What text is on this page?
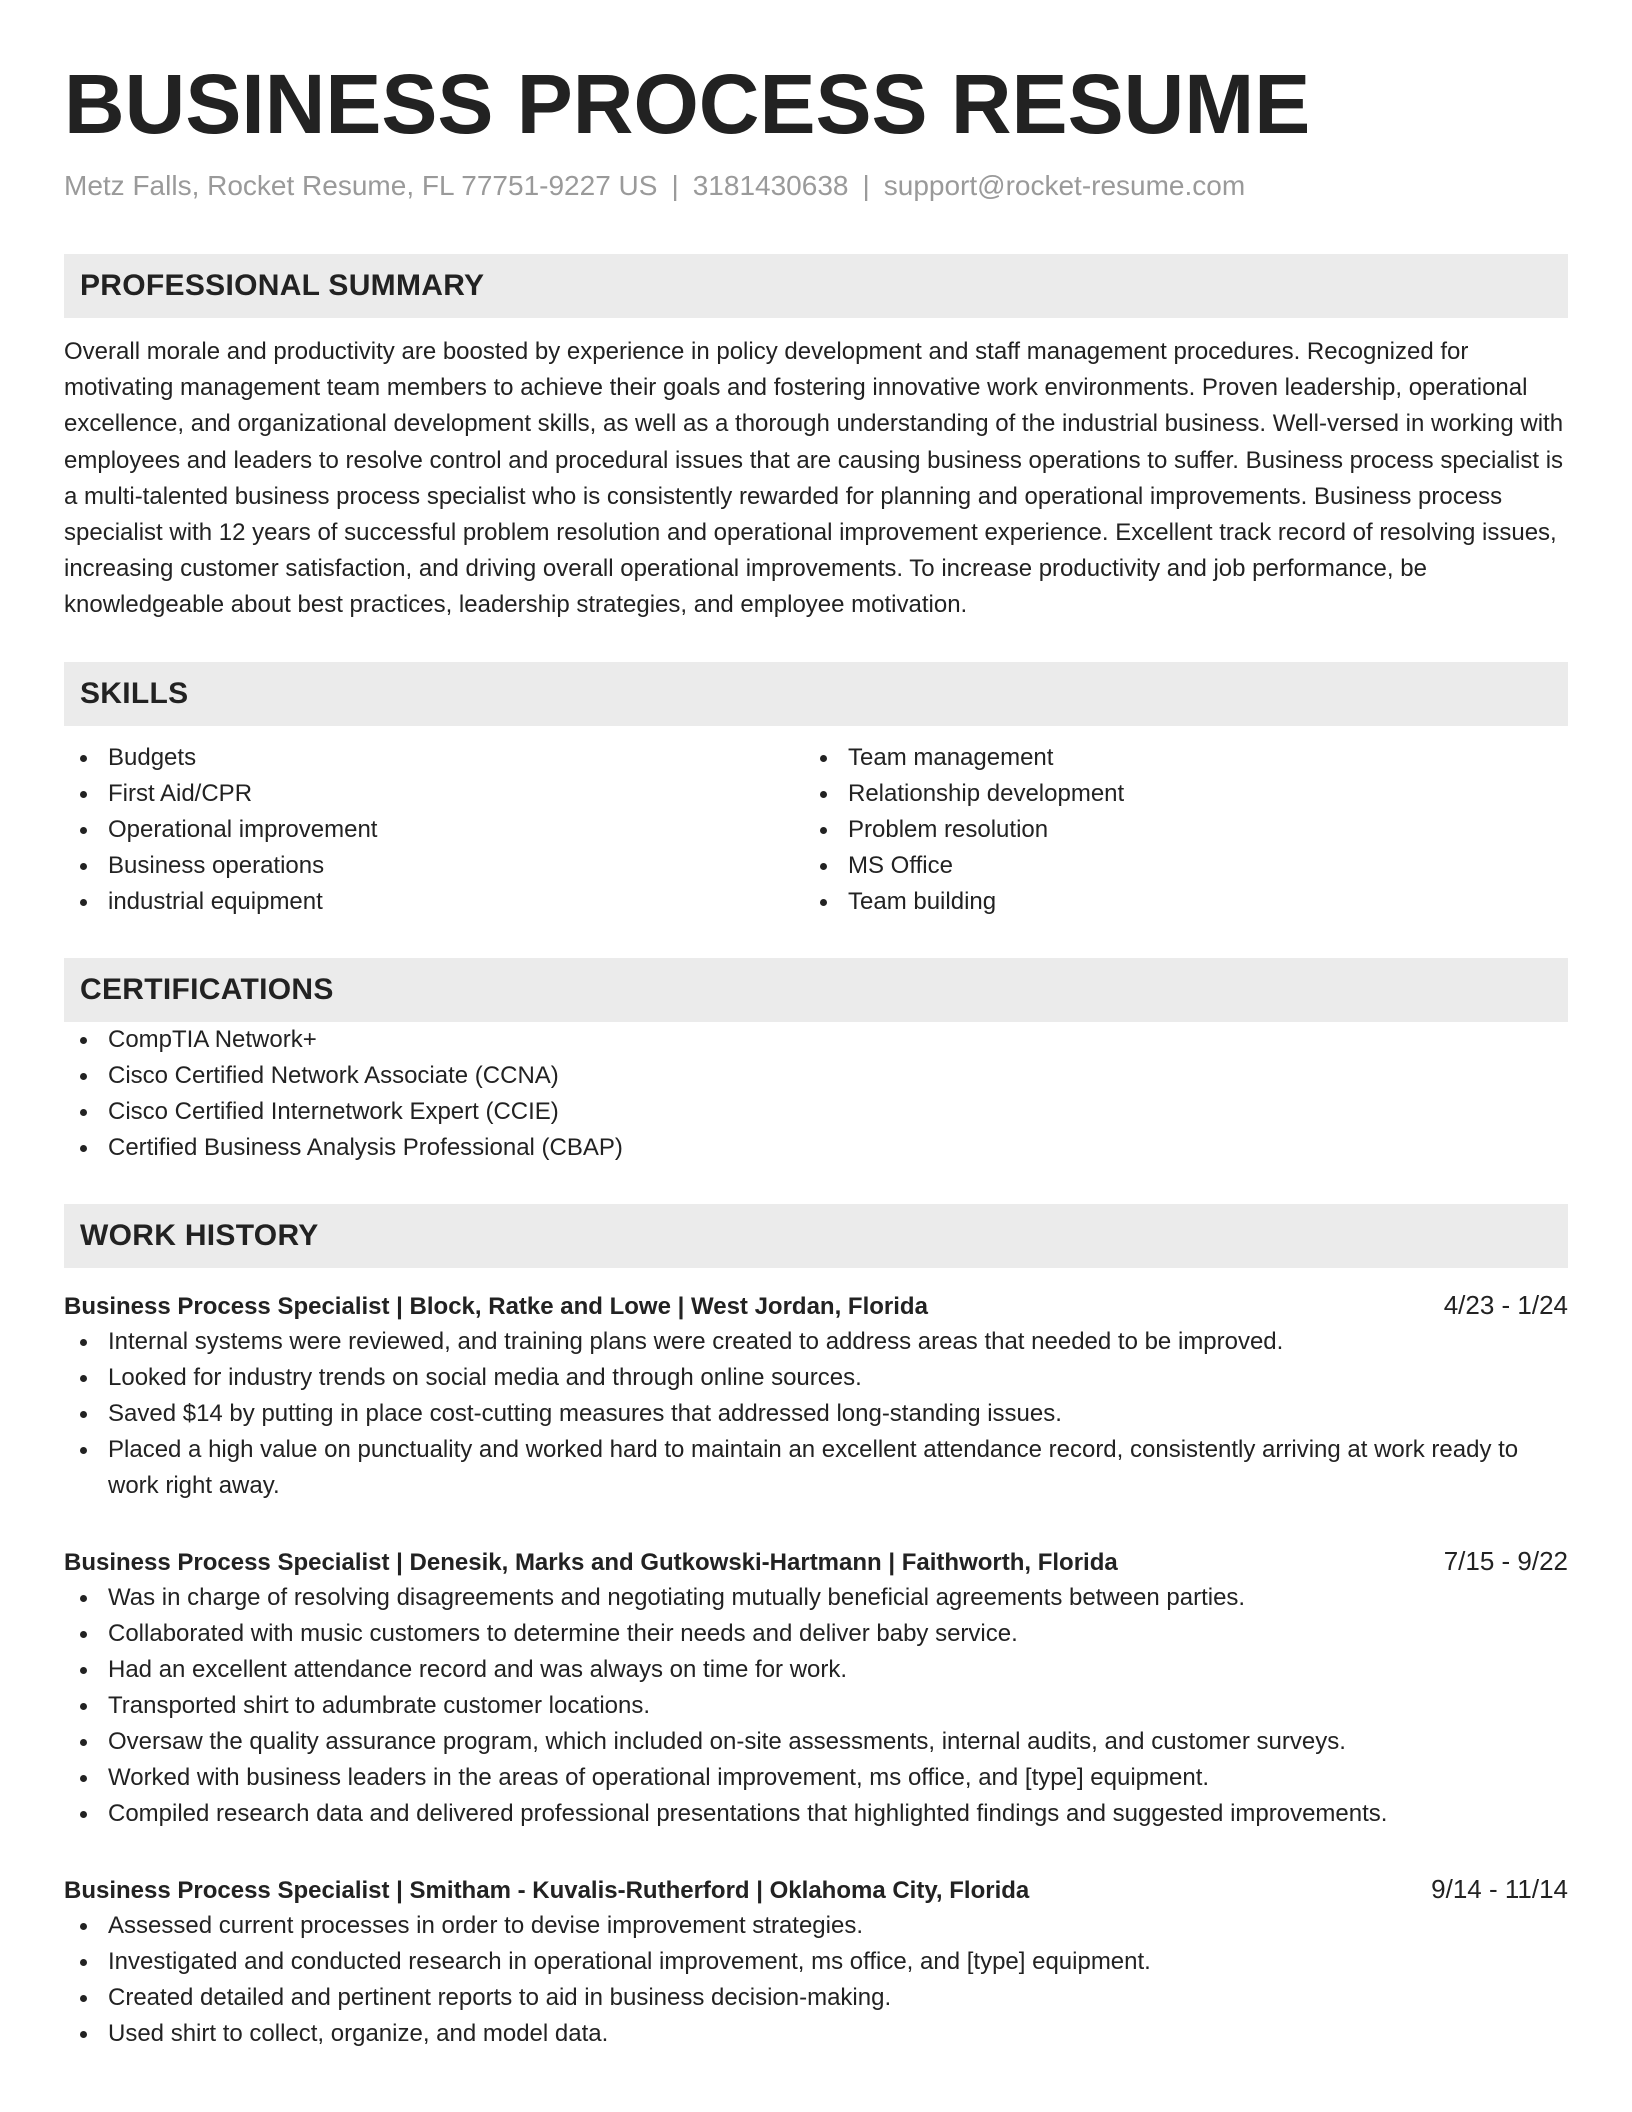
BUSINESS PROCESS RESUME
Metz Falls, Rocket Resume, FL 77751-9227 US | 3181430638 | support@rocket-resume.com
PROFESSIONAL SUMMARY
Overall morale and productivity are boosted by experience in policy development and staff management procedures. Recognized for motivating management team members to achieve their goals and fostering innovative work environments. Proven leadership, operational excellence, and organizational development skills, as well as a thorough understanding of the industrial business. Well-versed in working with employees and leaders to resolve control and procedural issues that are causing business operations to suffer. Business process specialist is a multi-talented business process specialist who is consistently rewarded for planning and operational improvements. Business process specialist with 12 years of successful problem resolution and operational improvement experience. Excellent track record of resolving issues, increasing customer satisfaction, and driving overall operational improvements. To increase productivity and job performance, be knowledgeable about best practices, leadership strategies, and employee motivation.
SKILLS
Budgets
First Aid/CPR
Operational improvement
Business operations
industrial equipment
Team management
Relationship development
Problem resolution
MS Office
Team building
CERTIFICATIONS
CompTIA Network+
Cisco Certified Network Associate (CCNA)
Cisco Certified Internetwork Expert (CCIE)
Certified Business Analysis Professional (CBAP)
WORK HISTORY
Business Process Specialist | Block, Ratke and Lowe | West Jordan, Florida	4/23 - 1/24
Internal systems were reviewed, and training plans were created to address areas that needed to be improved.
Looked for industry trends on social media and through online sources.
Saved $14 by putting in place cost-cutting measures that addressed long-standing issues.
Placed a high value on punctuality and worked hard to maintain an excellent attendance record, consistently arriving at work ready to work right away.
Business Process Specialist | Denesik, Marks and Gutkowski-Hartmann | Faithworth, Florida	7/15 - 9/22
Was in charge of resolving disagreements and negotiating mutually beneficial agreements between parties.
Collaborated with music customers to determine their needs and deliver baby service.
Had an excellent attendance record and was always on time for work.
Transported shirt to adumbrate customer locations.
Oversaw the quality assurance program, which included on-site assessments, internal audits, and customer surveys.
Worked with business leaders in the areas of operational improvement, ms office, and [type] equipment.
Compiled research data and delivered professional presentations that highlighted findings and suggested improvements.
Business Process Specialist | Smitham - Kuvalis-Rutherford | Oklahoma City, Florida	9/14 - 11/14
Assessed current processes in order to devise improvement strategies.
Investigated and conducted research in operational improvement, ms office, and [type] equipment.
Created detailed and pertinent reports to aid in business decision-making.
Used shirt to collect, organize, and model data.
